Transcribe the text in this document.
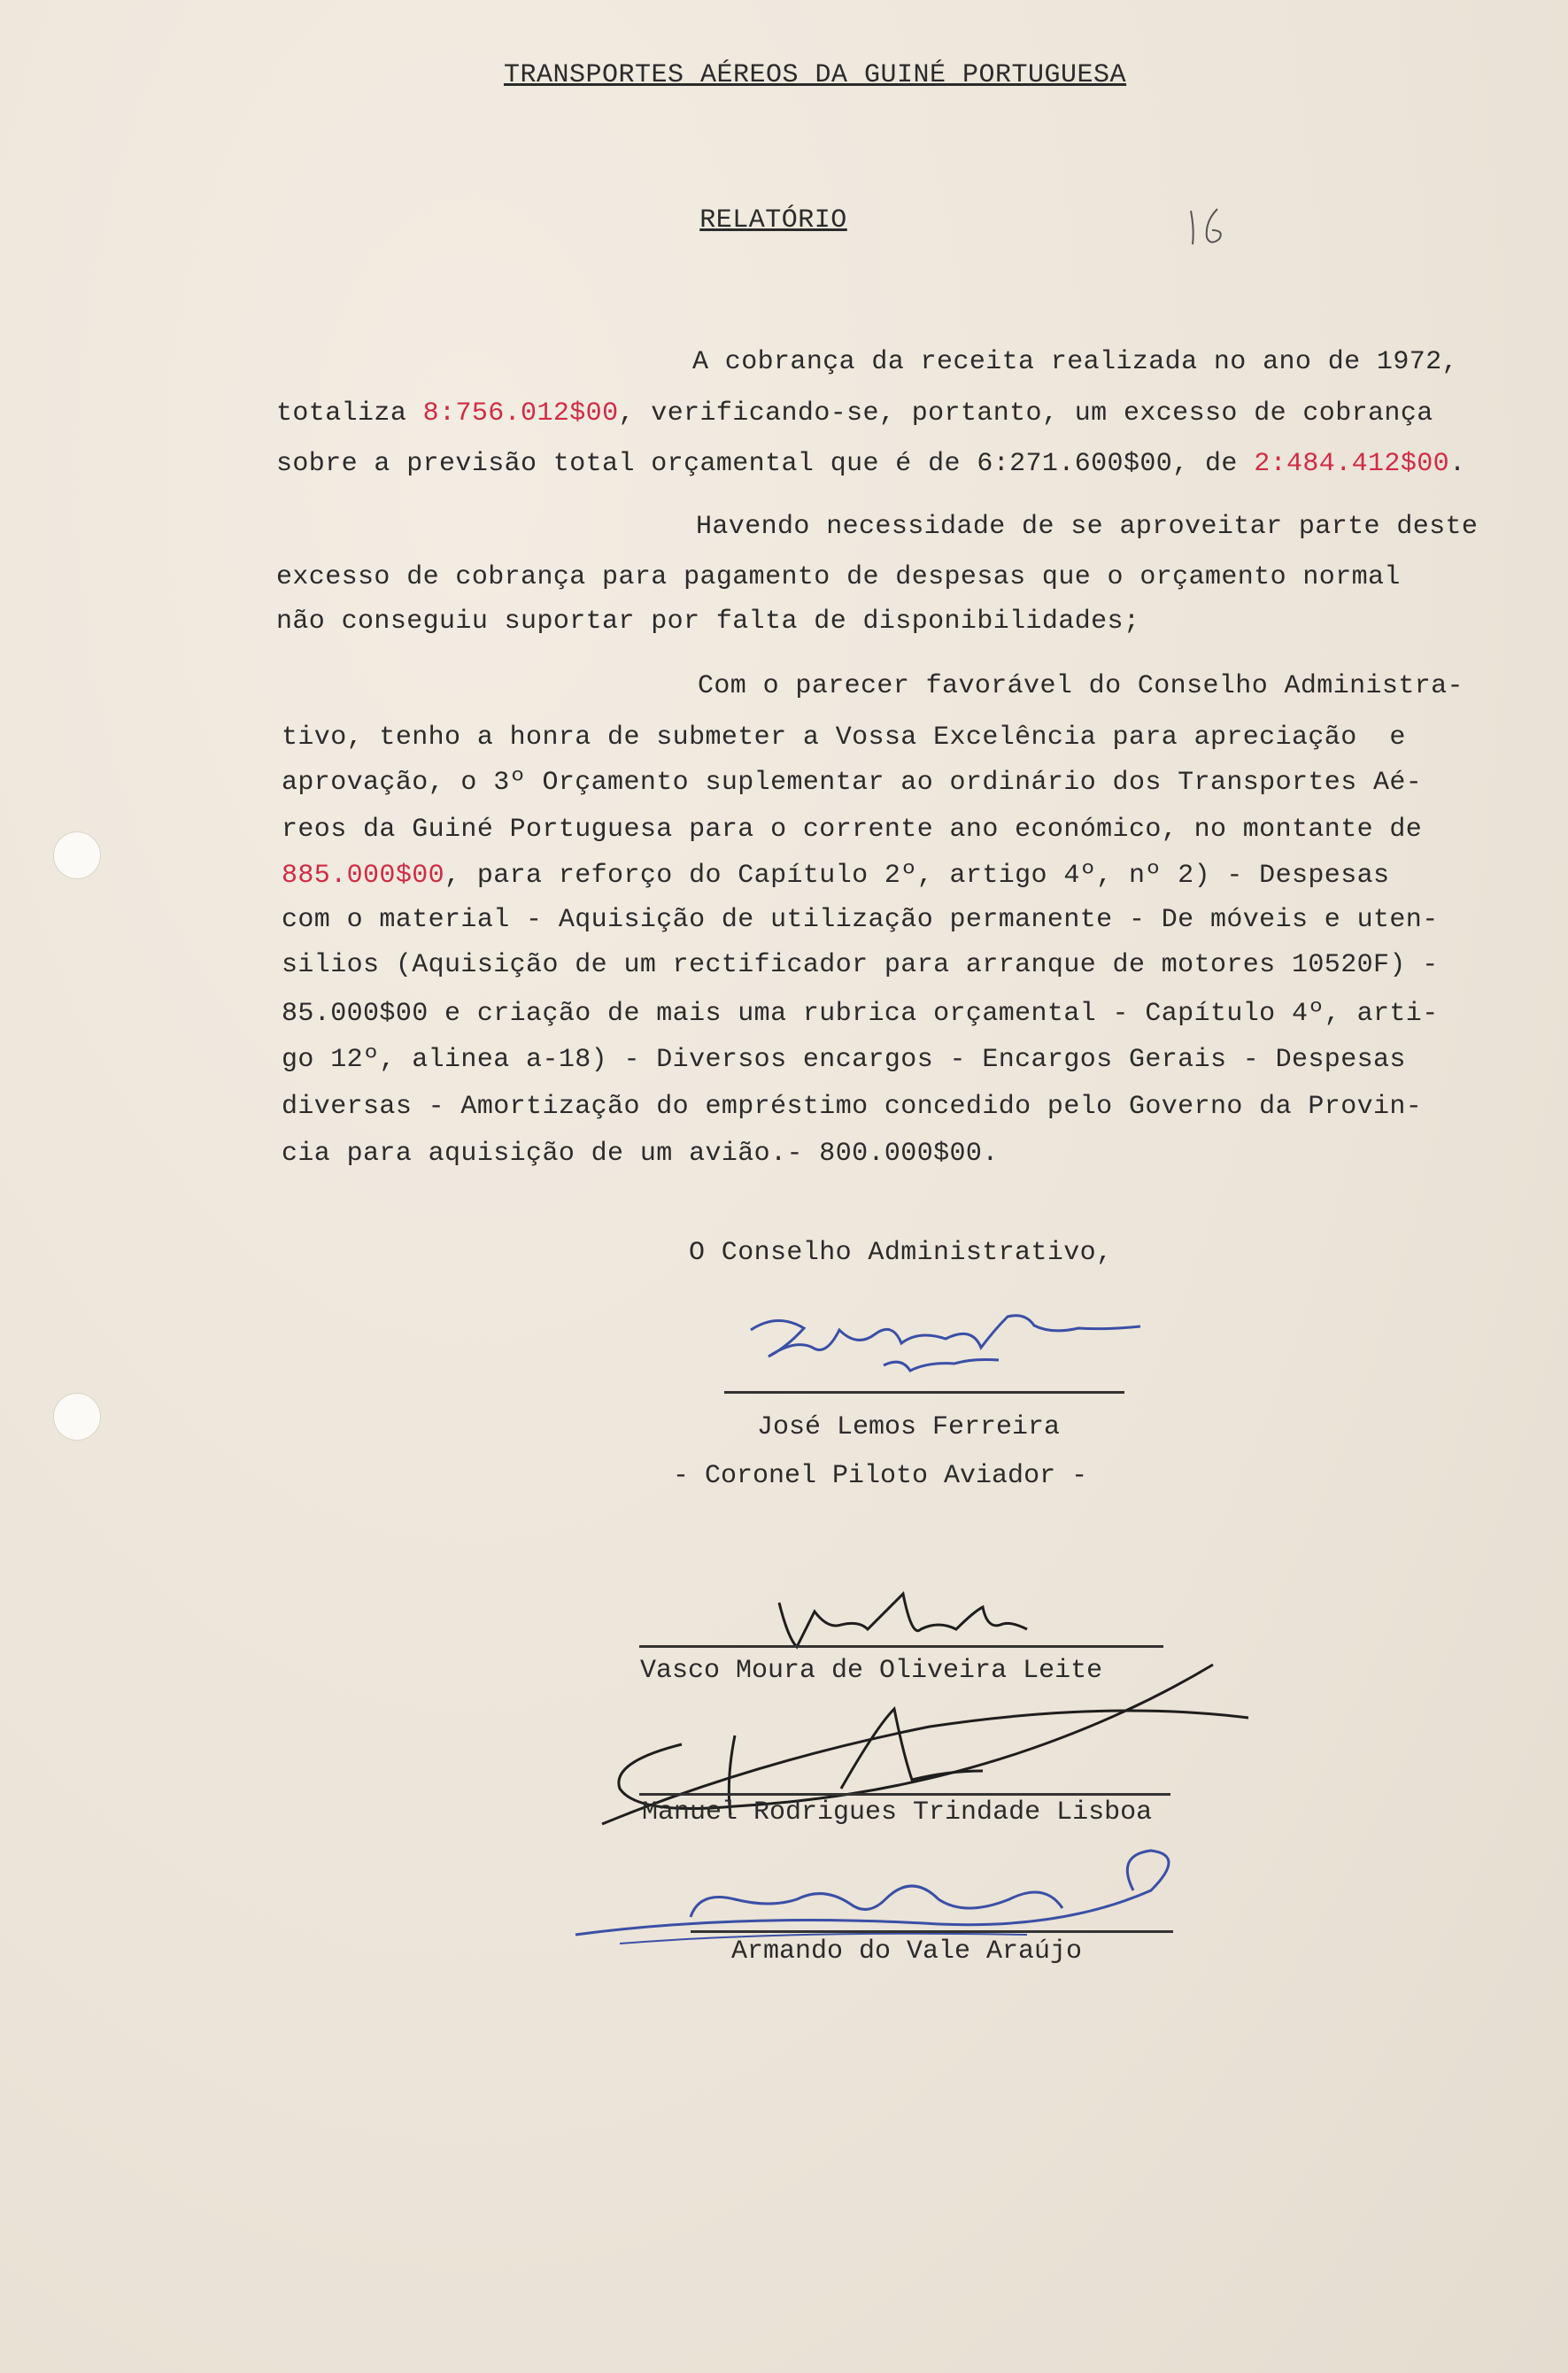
TRANSPORTES AÉREOS DA GUINÉ PORTUGUESA
RELATÓRIO
16
A cobrança da receita realizada no ano de 1972,
totaliza 8:756.012$00, verificando-se, portanto, um excesso de cobrança
sobre a previsão total orçamental que é de 6:271.600$00, de 2:484.412$00.
Havendo necessidade de se aproveitar parte deste
excesso de cobrança para pagamento de despesas que o orçamento normal
não conseguiu suportar por falta de disponibilidades;
Com o parecer favorável do Conselho Administra-
tivo, tenho a honra de submeter a Vossa Excelência para apreciação  e
aprovação, o 3º Orçamento suplementar ao ordinário dos Transportes Aé-
reos da Guiné Portuguesa para o corrente ano económico, no montante de
885.000$00, para reforço do Capítulo 2º, artigo 4º, nº 2) - Despesas
com o material - Aquisição de utilização permanente - De móveis e uten-
silios (Aquisição de um rectificador para arranque de motores 10520F) -
85.000$00 e criação de mais uma rubrica orçamental - Capítulo 4º, arti-
go 12º, alinea a-18) - Diversos encargos - Encargos Gerais - Despesas
diversas - Amortização do empréstimo concedido pelo Governo da Provin-
cia para aquisição de um avião.- 800.000$00.
O Conselho Administrativo,
José Lemos Ferreira
- Coronel Piloto Aviador -
Vasco Moura de Oliveira Leite
Manuel Rodrigues Trindade Lisboa
Armando do Vale Araújo
